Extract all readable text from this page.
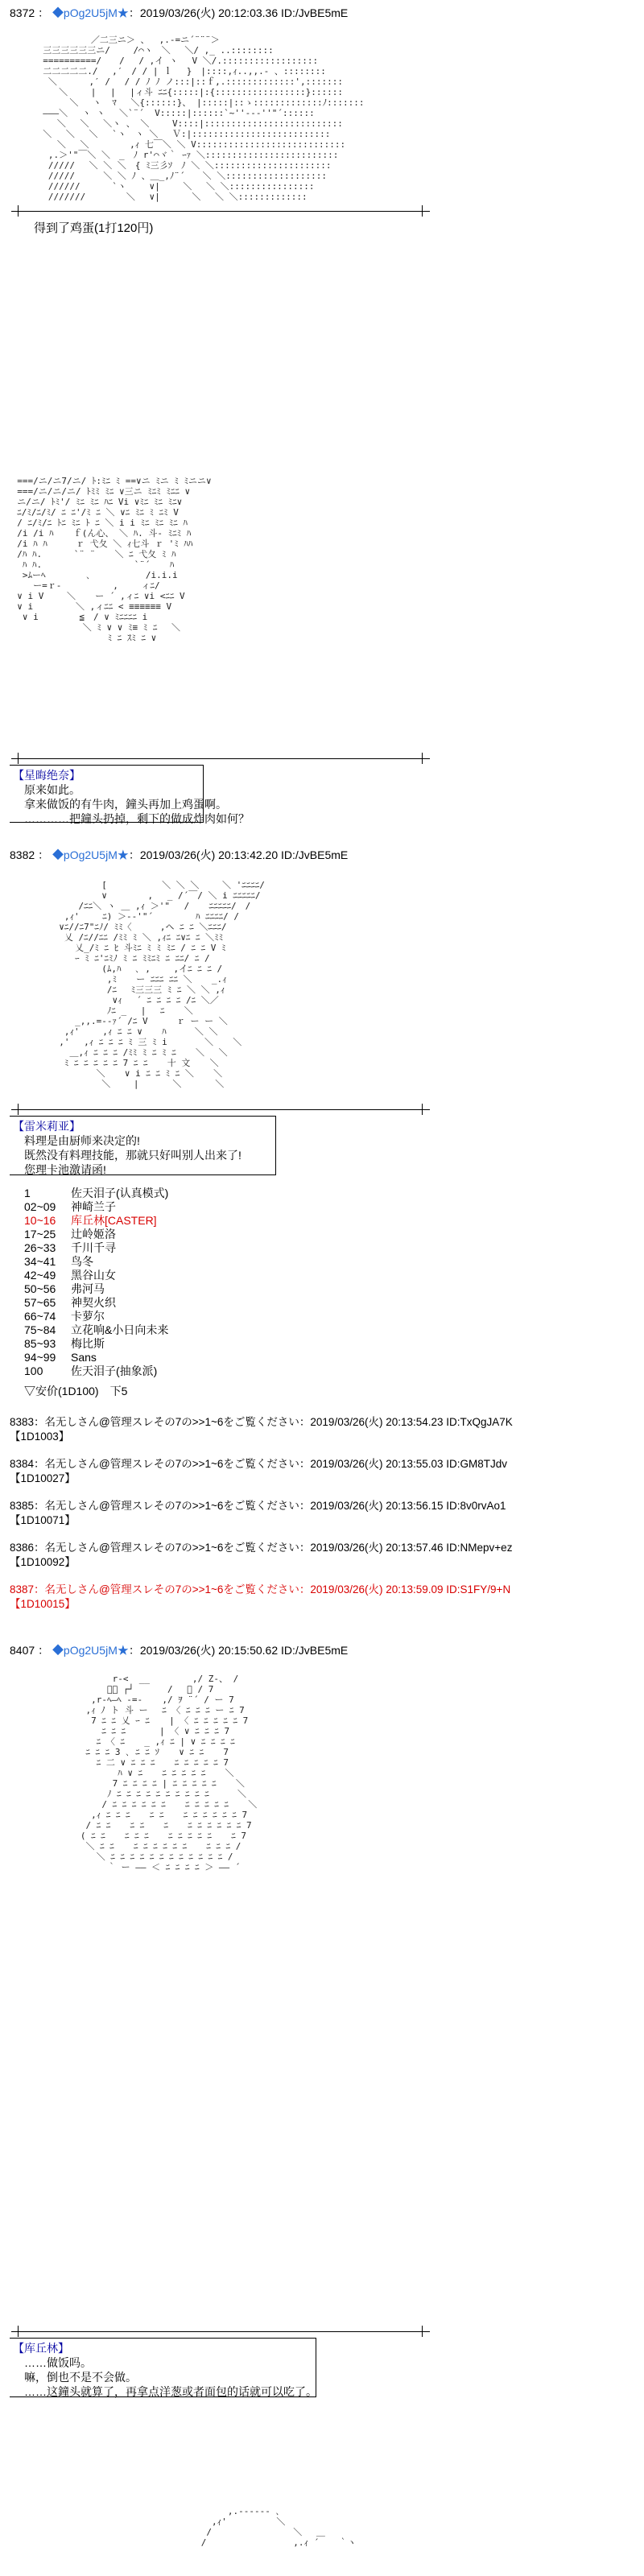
8372 ： ◆pOg2U5jM★：2019/03/26(火) 20:12:03.36 ID:/JvBE5mE

／二三ニ＞ 、　 ,.-=ニ´¨¨¨＞
三三三三三三ニ/　　 /⌒ヽ　＼　 ＼/ ,_ ..::::::::
==========/　　/　 / ,イ ヽ　 V ＼/.::::::::::::::::::
二二二二二./　 ,′　/ / | ｌ　 }　|::::,ｨ..,,.- 、::::::::
＼　　　 ,′ /　 / / ﾉ ﾉ ノ:::|::ｆ,.:::::::::::::',:::::::
＼　　 |　 |　 |ィ斗 ﾆﾆ{:::::|:{:::::::::::::::::}::::::
＼　 ヽ  ﾏ　 ＼{::::::}、 |:::::|::ゝ:::::::::::::ﾉ:::::::
―――＼　 ヽ ヽ　 ＼`¨´  V:::::|::::::`~''‐-‐''"´::::::
　 ＼　 ＼　 ＼ヽ 、 ＼　　 V::::|::::::::::::::::::::::::::
＼　 ＼　 ＼　 `ヽ　ヽ ＼　 Ｖ:|::::::::::::::::::::::::::
　 ＼　 ＼　　　　 ,ｨ 七￣＼ ＼ V::::::::::::::::::::::::::::
,.＞'"￣＼ ＼　_　ﾉ r'⌒ヾ｀ ｰｧ ＼:::::::::::::::::::::::::
/////　 ＼ ＼ ＼　{ ﾐ三彡ｿ　ﾉ ＼ ＼::::::::::::::::::::::
/////　 　 ＼ ＼ ﾉ 、＿_,ﾉ¨´　　＼ ＼:::::::::::::::::::
//////　　　 `ヽ　　 ∨|　　 ＼　 ＼ ＼::::::::::::::::
///////　　　　 ＼　 ∨|　　　 ＼　 ＼ ＼:::::::::::::

得到了鸡蛋(1打120円)

===/ニ/ニ7/ニ/ ﾄ:ﾐﾆ ﾐ ==∨ニ ﾐニ ﾐ ﾐニニ∨
===/ニ/ニ/ニ/ ﾄﾐﾐ ﾐﾆ ∨三ニ ﾐﾆﾐ ﾐﾆﾆ ∨
ニ/ニ/ ﾄﾐ'/ ﾐﾆ ﾐﾆ ﾊﾆ Vi ∨ﾐﾆ ﾐﾆ ﾐﾆ∨
ﾆ/ﾐ/ﾆ/ﾐ/ ﾆ ﾆ'/ﾐ ﾆ ＼ ∨ﾆ ﾐﾆ ﾐ ﾆﾐ V
/ ﾆ/ﾐ/ﾆ ﾄﾆ ﾐﾆ ﾄ ﾆ ＼ i i ﾐﾆ ﾐﾆ ﾐﾆ ﾊ
/i /i ﾊ 　 ｆ(ん心、 ＼ ﾊ. 斗‐ ﾐﾆﾐ ﾊ
/i ﾊ ﾊ　 　 ｒ 弋夂 ＼ ｨ七斗 ｒ 'ﾐ ﾊﾊ
/ﾊ ﾊ.　　　 `¨ ¨ 　 ＼ ﾆ 弋夂 ﾐ ﾊ
ﾊ ﾊ.　　　　　 　 　 　 `¨´ 　 ﾊ
>ﾑーﾍ　　　　 ､ 　　　　　 /i.i.i
ー=ｒ-　 　　 　 ,　　 ィﾆ/
∨ i V　　 ＼ 　 ー ´ ,ィﾆ ∨i <ﾆﾆ V
∨ i　 　 　 ＼ ,ィﾆﾆ < ≡≡≡≡≡≡ V
∨ i　　　　 ≦　/ ∨ ﾐﾆﾆﾆﾆ i
　　　　　 ＼ ﾐ ∨ ∨ ﾐ≡ ﾐ ﾆ 　＼
　　　　　 　 ﾐ ﾆ ｽﾐ ﾆ ∨

【星晦绝奈】
原来如此。
拿来做饭的有牛肉，鐘头再加上鸡蛋啊。
…………把鐘头扔掉，剩下的做成炸肉如何？
8382 ： ◆pOg2U5jM★：2019/03/26(火) 20:13:42.20 ID:/JvBE5mE

[　　　　 　 ＼ ＼ ＼　　 ＼ 'ﾆﾆﾆﾆ/
∨ 　　　　, 　_ /´￣/ ＼ i ﾆﾆﾆﾆﾆ/
　 /ﾆﾆ＼ ヽ ＿ ,ｨ ＞'"　 / 　 ﾆﾆﾆﾆﾆ/　/
,ｨ'　　 ﾆ) ＞-‐'"´ 　　 　 ﾊ ﾆﾆﾆﾆ/ /
∨ﾆ//ﾆ7"ﾆﾉ/ ﾐﾐ〈 　　 ,ヘ ﾆ ﾆ ＼ﾆﾆﾆ/
乂 /ﾆ//ﾆﾆ /ﾐﾐ ﾐ ＼ ,ｨﾆ ﾆ∨ﾆ ﾆ ＼ﾐﾐ
乂_/ﾐ ﾆ ﾋ 斗ﾐﾆ ﾐ ﾐ ﾐﾆ / ﾆ ﾆ V ﾐ
ｰ ﾐ ﾆ'ﾆﾐﾉ ﾐ ﾆ ﾐﾐﾆﾐ ﾆ ﾆﾆ/ ﾆ /
(ﾑ,ﾊ　 ､ ,　　 ,イﾆ ﾆ ﾆ /
,ﾐ 　 ー ﾆﾆﾆ ﾆﾆ ＼ 　 _.ｨ
/ﾆ 　ﾐ三三三 ﾐ ﾆ ＼ ＼ ,ｨ
∨ｨ　 ´ ﾆ ﾆ ﾆ ﾆ /ﾆ ＼／
ﾉﾆ _　 |　 ﾆ 　 ＼ 　
_,,.=‐‐ｧ´ /ﾆ V 　　 ｒ ー ー ＼
,ｨ'　　 ,ｨ ﾆ ﾆ ∨ 　 ﾊ 　　 ＼ ＼
,'　 ,ｨ ﾆ ﾆ ﾆ ﾐ 三 ﾐ i 　　　 ＼ 　 ＼
＿,ｨ ﾆ ﾆ ﾆ /ﾐﾐ ﾐ ﾆ ﾐ ﾆ 　 ＼　 ＼
ﾐ ﾆ ﾆ ﾆ ﾆ ﾆ 7 ﾆ ﾆ 　 十 文 　 ＼ 　
＼ 　 ∨ i ﾆ ﾆ ﾐ ﾆ ＼ 　 ＼
＼　　 | 　 　 ＼ 　 　 ＼

【雷米莉亚】
料理是由厨师来决定的!
既然没有料理技能，那就只好叫别人出来了!
您理卡池激请函!
1	佐天泪子(认真模式)
02~09	神崎兰子
10~16	库丘林[CASTER]
17~25	辻岭姬洛
26~33	千川千寻
34~41	鸟冬
42~49	黑谷山女
50~56	弗河马
57~65	神契火织
66~74	卡萝尔
75~84	立花响&小日向未来
85~93	梅比斯
94~99	Sans
100	佐天泪子(抽象派)
▽安价(1D100)　下5
8383：名无しさん@管理スレその7の>>1~6をご覧ください：2019/03/26(火) 20:13:54.23 ID:TxQgJA7K
【1D1003】
8384：名无しさん@管理スレその7の>>1~6をご覧ください：2019/03/26(火) 20:13:55.03 ID:GM8TJdv
【1D10027】
8385：名无しさん@管理スレその7の>>1~6をご覧ください：2019/03/26(火) 20:13:56.15 ID:8v0rvAo1
【1D10071】
8386：名无しさん@管理スレその7の>>1~6をご覧ください：2019/03/26(火) 20:13:57.46 ID:NMepv+ez
【1D10092】
8387：名无しさん@管理スレその7の>>1~6をご覧ください：2019/03/26(火) 20:13:59.09 ID:S1FY/9+N
【1D10015】
8407 ： ◆pOg2U5jM★：2019/03/26(火) 20:15:50.62 ID:/JvBE5mE

r-<  __  　　　 ,/ Z-、 /
ﾞ〕 ┌┘ 　 　 /　 ＼ / 7
,r‐ﾍ―ﾍ -=- 　 ,/ ｦ ¨´ / ー 7
,ｨ ﾉ ト 斗 ー　 ﾆ 〈 ﾆ ﾆ ﾆ ー ﾆ 7
7 ﾆ ﾆ 乂 ｰ ﾆ 　 | 〈 ﾆ ﾆ ﾆ ﾆ ﾆ 7
ﾆ ﾆ ﾆ 　 　 | 〈 ∨ ﾆ ﾆ ﾆ 7
ﾆ 〈 ﾆ 　 _ ,ｨ ﾆ | ∨ ﾆ ﾆ ﾆ ﾆ
ﾆ ﾆ ﾆ 3 ､ ﾆ ﾆ ｿ 　 ∨ ﾆ ﾆ 　 7
ﾆ 二 ∨ ﾆ ﾆ ﾆ 　 ﾆ ﾆ ﾆ ﾆ ﾆ 7
ﾊ ∨ ﾆ 　 ﾆ ﾆ ﾆ ﾆ ﾆ 　 ＼
7 ﾆ ﾆ ﾆ ﾆ | ﾆ ﾆ ﾆ ﾆ ﾆ 　 ＼
ﾉ ﾆ ﾆ ﾆ ﾆ ﾆ ﾆ ﾆ ﾆ ﾆ ﾆ 　　 ＼
/ ﾆ ﾆ ﾆ ﾆ ﾆ ﾆ 　 ﾆ ﾆ ﾆ ﾆ ﾆ 　 ＼
,ｨ ﾆ ﾆ ﾆ 　 ﾆ ﾆ 　 ﾆ ﾆ ﾆ ﾆ ﾆ ﾆ 7
/ ﾆ ﾆ 　 ﾆ ﾆ 　 ﾆ 　 ﾆ ﾆ ﾆ ﾆ ﾆ ﾆ 7
( ﾆ ﾆ 　 ﾆ ﾆ ﾆ 　 ﾆ ﾆ ﾆ ﾆ ﾆ 　 ﾆ 7
＼ ﾆ ﾆ 　 ﾆ ﾆ ﾆ ﾆ ﾆ ﾆ 　 ﾆ ﾆ ﾆ /
＼ ﾆ ﾆ ﾆ ﾆ ﾆ ﾆ ﾆ ﾆ ﾆ ﾆ ﾆ ﾆ /
｀ ー ―― ＜ ﾆ ﾆ ﾆ ﾆ ＞ ―― ´

【库丘林】
……做饭吗。
嘛，倒也不是不会做。
……这鐘头就算了，再拿点洋葱或者面包的话就可以吃了。

,.--‐‐‐‐ ､
,ｨ'　　　　　 ＼
/　　　 　　　　　 ＼ 　＿
/　　　　　 　 　　 ,.ｨ ´ 　 ｀ヽ
